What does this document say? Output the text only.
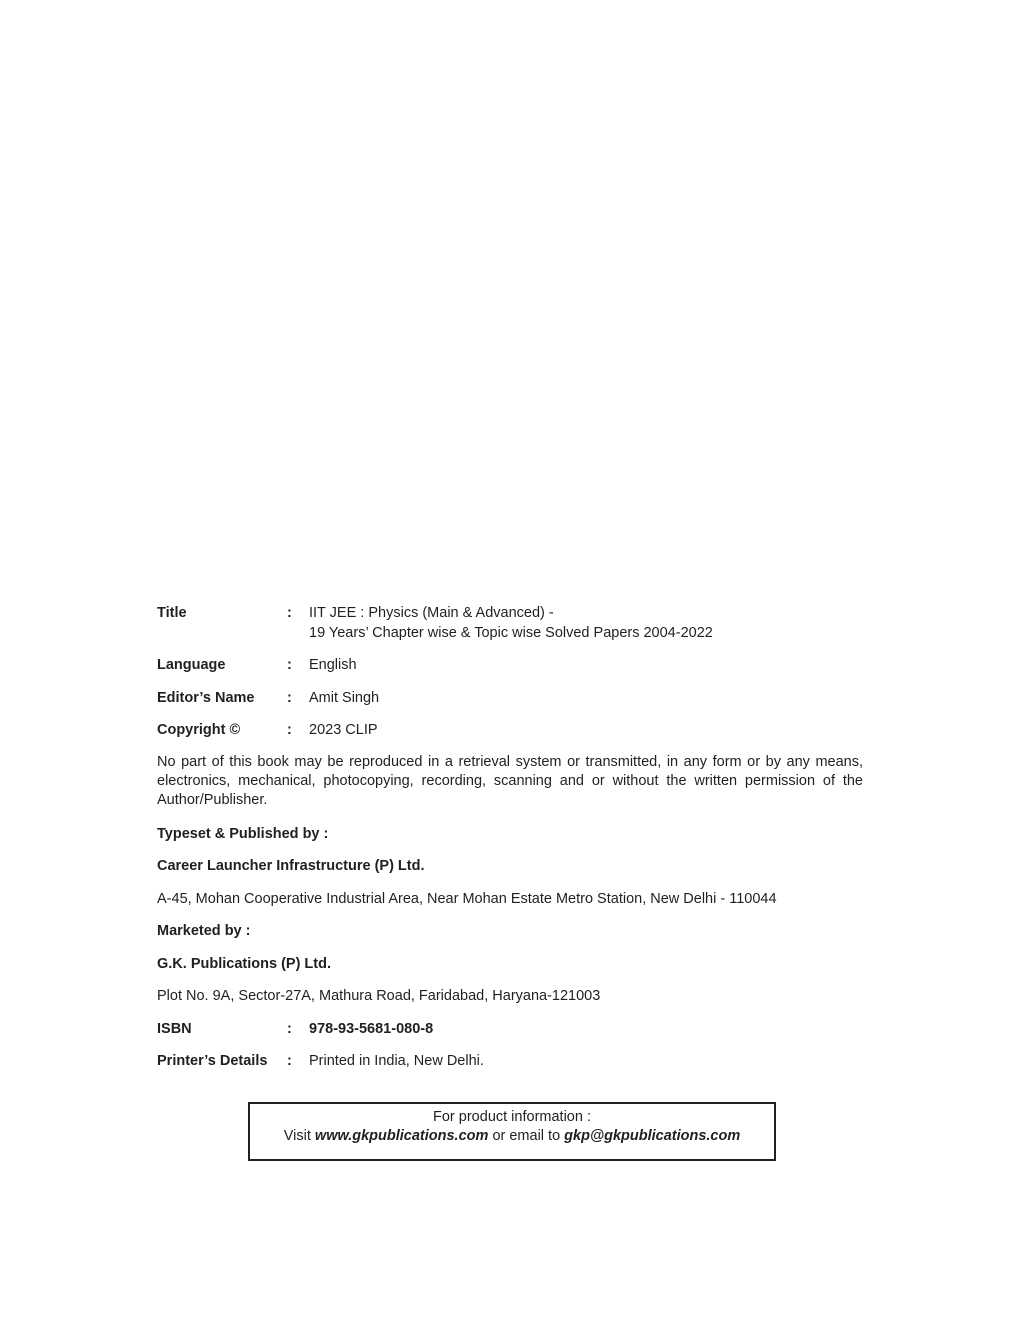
Title	: IIT JEE : Physics (Main & Advanced) -
19 Years’ Chapter wise & Topic wise Solved Papers 2004-2022
Language	: English
Editor’s Name : Amit Singh
Copyright ©	: 2023 CLIP
No part of this book may be reproduced in a retrieval system or transmitted, in any form or by any means, electronics, mechanical, photocopying, recording, scanning and or without the written permission of the Author/Publisher.
Typeset & Published by :
Career Launcher Infrastructure (P) Ltd.
A-45, Mohan Cooperative Industrial Area, Near Mohan Estate Metro Station, New Delhi - 110044
Marketed by :
G.K. Publications (P) Ltd.
Plot No. 9A, Sector-27A, Mathura Road, Faridabad, Haryana-121003
ISBN	: 978-93-5681-080-8
Printer’s Details : Printed in India, New Delhi.
For product information :
Visit www.gkpublications.com or email to gkp@gkpublications.com
